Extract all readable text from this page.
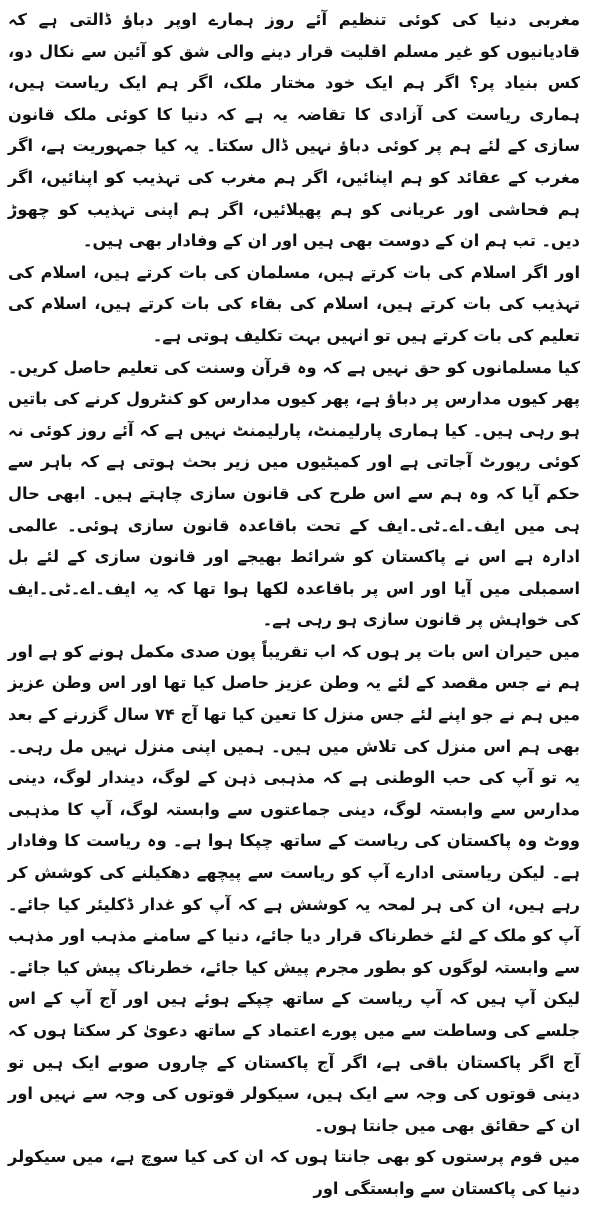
مغربی دنیا کی کوئی تنظیم آئے روز ہمارے اوپر دباؤ ڈالتی ہے کہ قادیانیوں کو غیر مسلم اقلیت قرار دینے والی شق کو آئین سے نکال دو، کس بنیاد پر؟ اگر ہم ایک خود مختار ملک، اگر ہم ایک ریاست ہیں، ہماری ریاست کی آزادی کا تقاضہ یہ ہے کہ دنیا کا کوئی ملک قانون سازی کے لئے ہم پر کوئی دباؤ نہیں ڈال سکتا۔ یہ کیا جمہوریت ہے، اگر مغرب کے عقائد کو ہم اپنائیں، اگر ہم مغرب کی تہذیب کو اپنائیں، اگر ہم فحاشی اور عریانی کو ہم پھیلائیں، اگر ہم اپنی تہذیب کو چھوڑ دیں۔ تب ہم ان کے دوست بھی ہیں اور ان کے وفادار بھی ہیں۔

اور اگر اسلام کی بات کرتے ہیں، مسلمان کی بات کرتے ہیں، اسلام کی تہذیب کی بات کرتے ہیں، اسلام کی بقاء کی بات کرتے ہیں، اسلام کی تعلیم کی بات کرتے ہیں تو انہیں بہت تکلیف ہوتی ہے۔

کیا مسلمانوں کو حق نہیں ہے کہ وہ قرآن وسنت کی تعلیم حاصل کریں۔ پھر کیوں مدارس پر دباؤ ہے، پھر کیوں مدارس کو کنٹرول کرنے کی باتیں ہو رہی ہیں۔ کیا ہماری پارلیمنٹ، پارلیمنٹ نہیں ہے کہ آئے روز کوئی نہ کوئی رپورٹ آجاتی ہے اور کمیٹیوں میں زیر بحث ہوتی ہے کہ باہر سے حکم آیا کہ وہ ہم سے اس طرح کی قانون سازی چاہتے ہیں۔ ابھی حال ہی میں ایف۔اے۔ٹی۔ایف کے تحت باقاعدہ قانون سازی ہوئی۔ عالمی ادارہ ہے اس نے پاکستان کو شرائط بھیجے اور قانون سازی کے لئے بل اسمبلی میں آیا اور اس پر باقاعدہ لکھا ہوا تھا کہ یہ ایف۔اے۔ٹی۔ایف کی خواہش پر قانون سازی ہو رہی ہے۔

میں حیران اس بات پر ہوں کہ اب تقریباً پون صدی مکمل ہونے کو ہے اور ہم نے جس مقصد کے لئے یہ وطن عزیز حاصل کیا تھا اور اس وطن عزیز میں ہم نے جو اپنے لئے جس منزل کا تعین کیا تھا آج ۷۴ سال گزرنے کے بعد بھی ہم اس منزل کی تلاش میں ہیں۔ ہمیں اپنی منزل نہیں مل رہی۔ یہ تو آپ کی حب الوطنی ہے کہ مذہبی ذہن کے لوگ، دیندار لوگ، دینی مدارس سے وابستہ لوگ، دینی جماعتوں سے وابستہ لوگ، آپ کا مذہبی ووٹ وہ پاکستان کی ریاست کے ساتھ چپکا ہوا ہے۔ وہ ریاست کا وفادار ہے۔ لیکن ریاستی ادارے آپ کو ریاست سے پیچھے دھکیلنے کی کوشش کر رہے ہیں، ان کی ہر لمحہ یہ کوشش ہے کہ آپ کو غدار ڈکلیئر کیا جائے۔ آپ کو ملک کے لئے خطرناک قرار دیا جائے، دنیا کے سامنے مذہب اور مذہب سے وابستہ لوگوں کو بطور مجرم پیش کیا جائے، خطرناک پیش کیا جائے۔ لیکن آپ ہیں کہ آپ ریاست کے ساتھ چپکے ہوئے ہیں اور آج آپ کے اس جلسے کی وساطت سے میں پورے اعتماد کے ساتھ دعویٰ کر سکتا ہوں کہ آج اگر پاکستان باقی ہے، اگر آج پاکستان کے چاروں صوبے ایک ہیں تو دینی قوتوں کی وجہ سے ایک ہیں، سیکولر قوتوں کی وجہ سے نہیں اور ان کے حقائق بھی میں جانتا ہوں۔

میں قوم پرستوں کو بھی جانتا ہوں کہ ان کی کیا سوچ ہے، میں سیکولر دنیا کی پاکستان سے وابستگی اور
